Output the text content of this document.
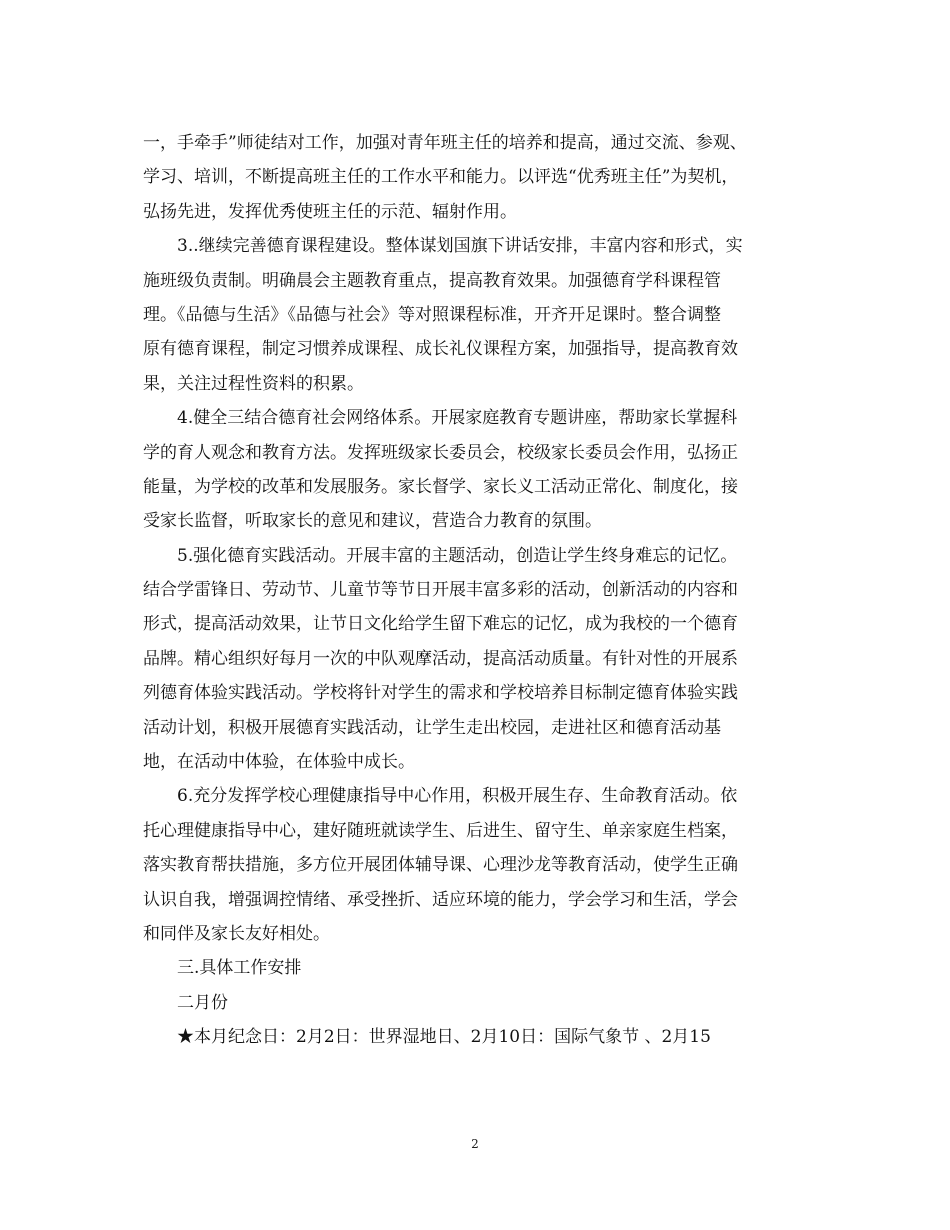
一，手牵手”师徒结对工作，加强对青年班主任的培养和提高，通过交流、参观、
学习、培训，不断提高班主任的工作水平和能力。以评选“优秀班主任”为契机，
弘扬先进，发挥优秀使班主任的示范、辐射作用。
3..继续完善德育课程建设。整体谋划国旗下讲话安排，丰富内容和形式，实
施班级负责制。明确晨会主题教育重点，提高教育效果。加强德育学科课程管
理。《品德与生活》《品德与社会》等对照课程标准，开齐开足课时。整合调整
原有德育课程，制定习惯养成课程、成长礼仪课程方案，加强指导，提高教育效
果，关注过程性资料的积累。
4.健全三结合德育社会网络体系。开展家庭教育专题讲座，帮助家长掌握科
学的育人观念和教育方法。发挥班级家长委员会，校级家长委员会作用，弘扬正
能量，为学校的改革和发展服务。家长督学、家长义工活动正常化、制度化，接
受家长监督，听取家长的意见和建议，营造合力教育的氛围。
5.强化德育实践活动。开展丰富的主题活动，创造让学生终身难忘的记忆。
结合学雷锋日、劳动节、儿童节等节日开展丰富多彩的活动，创新活动的内容和
形式，提高活动效果，让节日文化给学生留下难忘的记忆，成为我校的一个德育
品牌。精心组织好每月一次的中队观摩活动，提高活动质量。有针对性的开展系
列德育体验实践活动。学校将针对学生的需求和学校培养目标制定德育体验实践
活动计划，积极开展德育实践活动，让学生走出校园，走进社区和德育活动基
地，在活动中体验，在体验中成长。
6.充分发挥学校心理健康指导中心作用，积极开展生存、生命教育活动。依
托心理健康指导中心，建好随班就读学生、后进生、留守生、单亲家庭生档案，
落实教育帮扶措施，多方位开展团体辅导课、心理沙龙等教育活动，使学生正确
认识自我，增强调控情绪、承受挫折、适应环境的能力，学会学习和生活，学会
和同伴及家长友好相处。
三.具体工作安排
二月份
★本月纪念日：2月2日：世界湿地日、2月10日：国际气象节 、2月15
2
